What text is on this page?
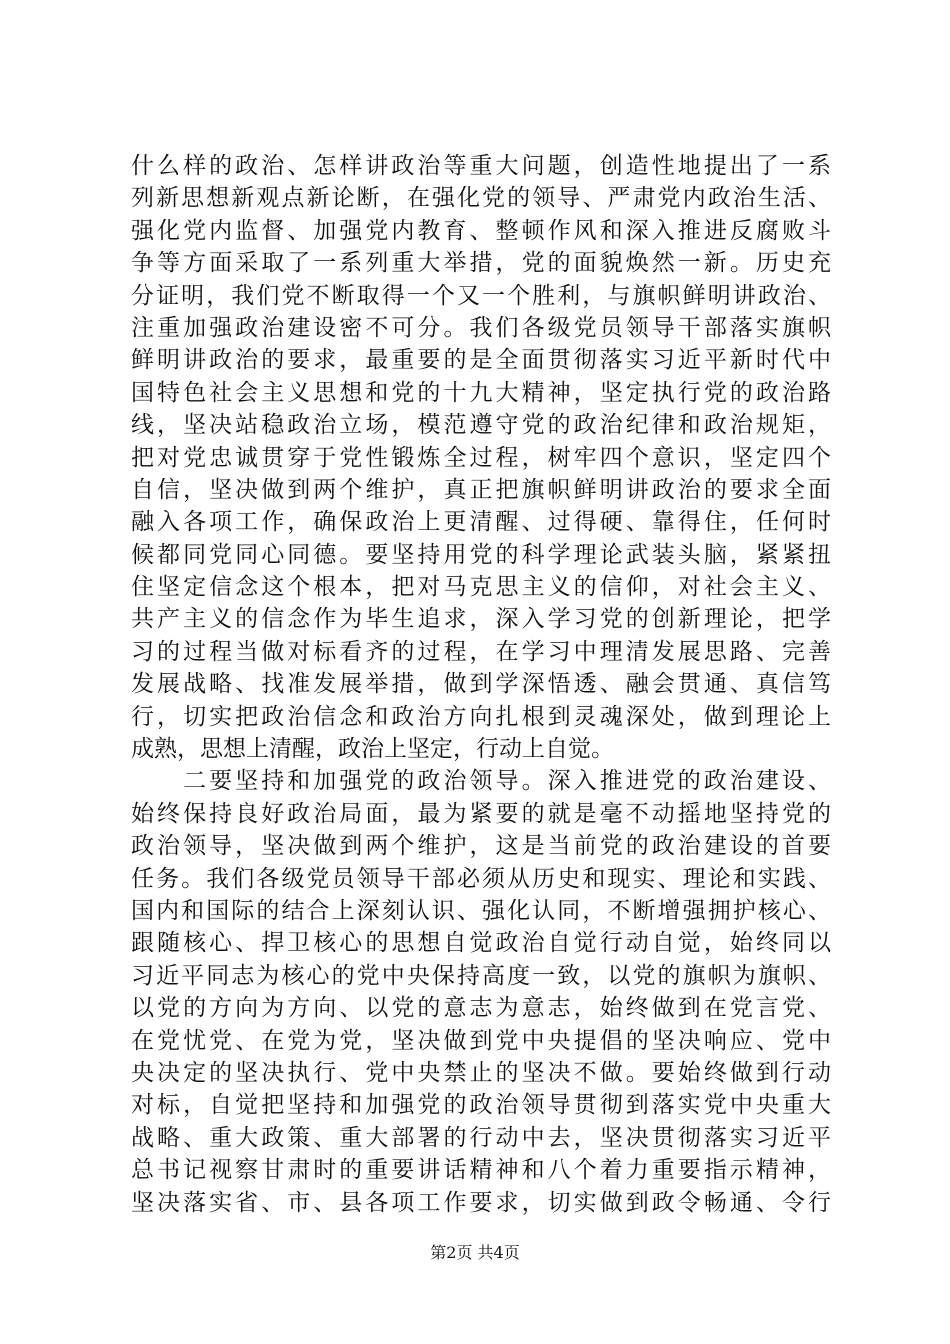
什么样的政治、怎样讲政治等重大问题，创造性地提出了一系
列新思想新观点新论断，在强化党的领导、严肃党内政治生活、
强化党内监督、加强党内教育、整顿作风和深入推进反腐败斗
争等方面采取了一系列重大举措，党的面貌焕然一新。历史充
分证明，我们党不断取得一个又一个胜利，与旗帜鲜明讲政治、
注重加强政治建设密不可分。我们各级党员领导干部落实旗帜
鲜明讲政治的要求，最重要的是全面贯彻落实习近平新时代中
国特色社会主义思想和党的十九大精神，坚定执行党的政治路
线，坚决站稳政治立场，模范遵守党的政治纪律和政治规矩，
把对党忠诚贯穿于党性锻炼全过程，树牢四个意识，坚定四个
自信，坚决做到两个维护，真正把旗帜鲜明讲政治的要求全面
融入各项工作，确保政治上更清醒、过得硬、靠得住，任何时
候都同党同心同德。要坚持用党的科学理论武装头脑，紧紧扭
住坚定信念这个根本，把对马克思主义的信仰，对社会主义、
共产主义的信念作为毕生追求，深入学习党的创新理论，把学
习的过程当做对标看齐的过程，在学习中理清发展思路、完善
发展战略、找准发展举措，做到学深悟透、融会贯通、真信笃
行，切实把政治信念和政治方向扎根到灵魂深处，做到理论上
成熟，思想上清醒，政治上坚定，行动上自觉。
　　二要坚持和加强党的政治领导。深入推进党的政治建设、
始终保持良好政治局面，最为紧要的就是毫不动摇地坚持党的
政治领导，坚决做到两个维护，这是当前党的政治建设的首要
任务。我们各级党员领导干部必须从历史和现实、理论和实践、
国内和国际的结合上深刻认识、强化认同，不断增强拥护核心、
跟随核心、捍卫核心的思想自觉政治自觉行动自觉，始终同以
习近平同志为核心的党中央保持高度一致，以党的旗帜为旗帜、
以党的方向为方向、以党的意志为意志，始终做到在党言党、
在党忧党、在党为党，坚决做到党中央提倡的坚决响应、党中
央决定的坚决执行、党中央禁止的坚决不做。要始终做到行动
对标，自觉把坚持和加强党的政治领导贯彻到落实党中央重大
战略、重大政策、重大部署的行动中去，坚决贯彻落实习近平
总书记视察甘肃时的重要讲话精神和八个着力重要指示精神，
坚决落实省、市、县各项工作要求，切实做到政令畅通、令行
第2页 共4页
